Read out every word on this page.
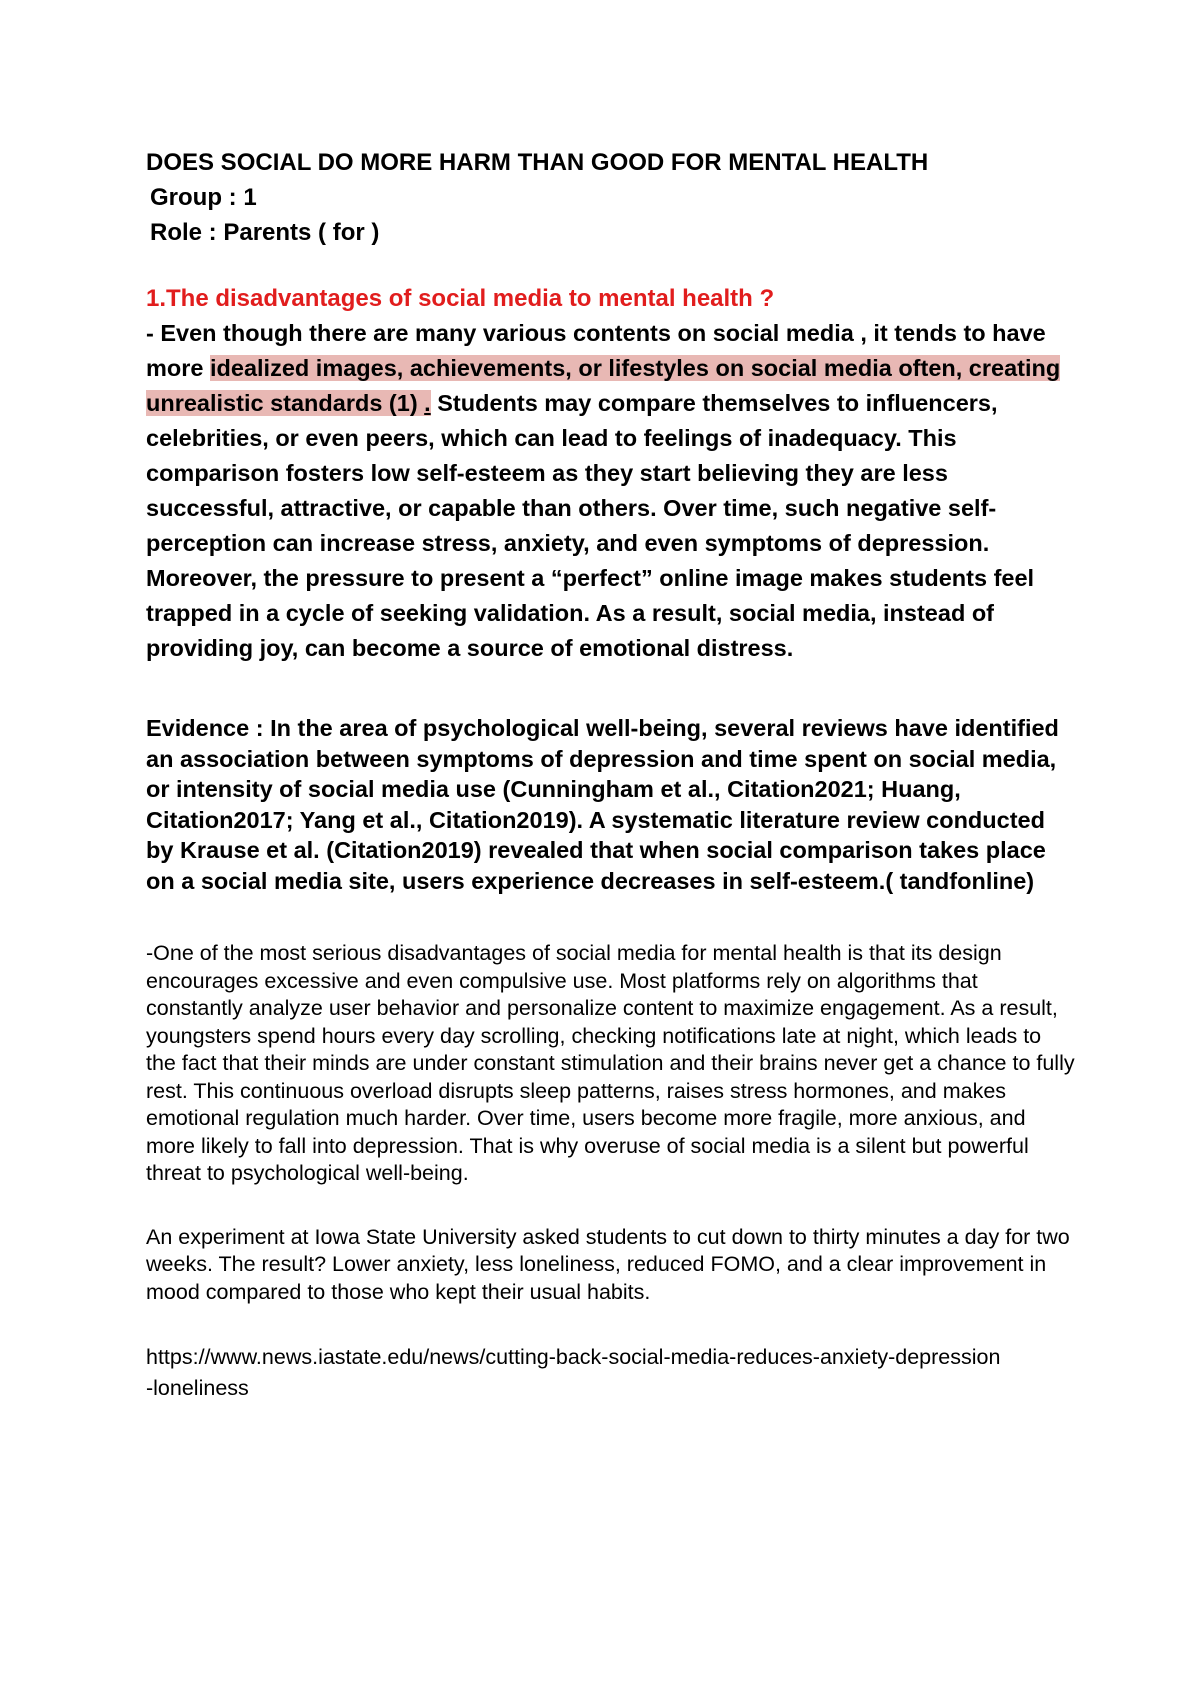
DOES SOCIAL DO MORE HARM THAN GOOD FOR MENTAL HEALTH

Group : 1

Role : Parents ( for )

1.The disadvantages of social media to mental health ?

- Even though there are many various contents on social media , it tends to have more idealized images, achievements, or lifestyles on social media often, creating unrealistic standards (1) . Students may compare themselves to influencers, celebrities, or even peers, which can lead to feelings of inadequacy. This comparison fosters low self-esteem as they start believing they are less successful, attractive, or capable than others. Over time, such negative self-perception can increase stress, anxiety, and even symptoms of depression. Moreover, the pressure to present a “perfect” online image makes students feel trapped in a cycle of seeking validation. As a result, social media, instead of providing joy, can become a source of emotional distress.

Evidence : In the area of psychological well-being, several reviews have identified an association between symptoms of depression and time spent on social media, or intensity of social media use (Cunningham et al., Citation2021; Huang, Citation2017; Yang et al., Citation2019). A systematic literature review conducted by Krause et al. (Citation2019) revealed that when social comparison takes place on a social media site, users experience decreases in self-esteem.( tandfonline)

-One of the most serious disadvantages of social media for mental health is that its design encourages excessive and even compulsive use. Most platforms rely on algorithms that constantly analyze user behavior and personalize content to maximize engagement. As a result, youngsters spend hours every day scrolling, checking notifications late at night, which leads to the fact that their minds are under constant stimulation and their brains never get a chance to fully rest. This continuous overload disrupts sleep patterns, raises stress hormones, and makes emotional regulation much harder. Over time, users become more fragile, more anxious, and more likely to fall into depression. That is why overuse of social media is a silent but powerful threat to psychological well-being.

An experiment at Iowa State University asked students to cut down to thirty minutes a day for two weeks. The result? Lower anxiety, less loneliness, reduced FOMO, and a clear improvement in mood compared to those who kept their usual habits.

https://www.news.iastate.edu/news/cutting-back-social-media-reduces-anxiety-depression-loneliness
